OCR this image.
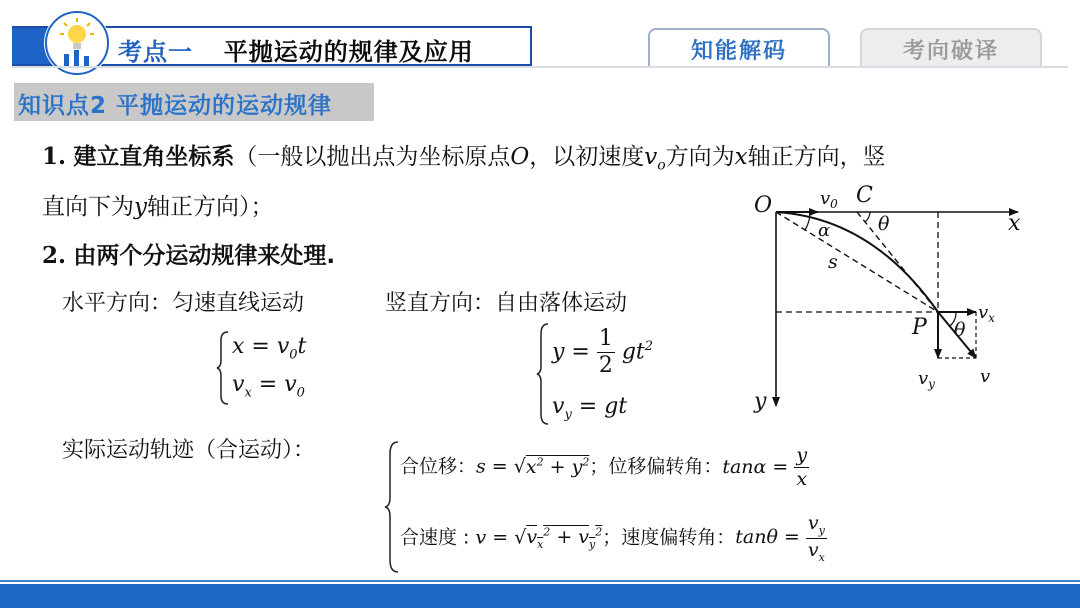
考点一 平抛运动的规律及应用	知能解码	考向破译
知识点2 平抛运动的运动规律
1. 建立直角坐标系（一般以抛出点为坐标原点O，以初速度$v_o$方向为x轴正方向，竖
直向下为y轴正方向）；
2. 由两个分运动规律来处理.
水平方向：匀速直线运动	竖直方向：自由落体运动
$x = v_0t$
$v_x = v_0$
$y = \frac{1}{2} gt^2$
$v_y$ = gt
实际运动轨迹（合运动）：
合位移：$s = √x^2 + y^2$；位移偏转角：$\tan\alpha = \frac{y}{x}$
合速度 : $v = √v_x^2 + v_y^2$；速度偏转角：$\tan\theta = \frac{v_y}{v_x}$
O	$v_0$ C
θ	x
α
s
P θ
$v_x$
$v_y$	v
y
